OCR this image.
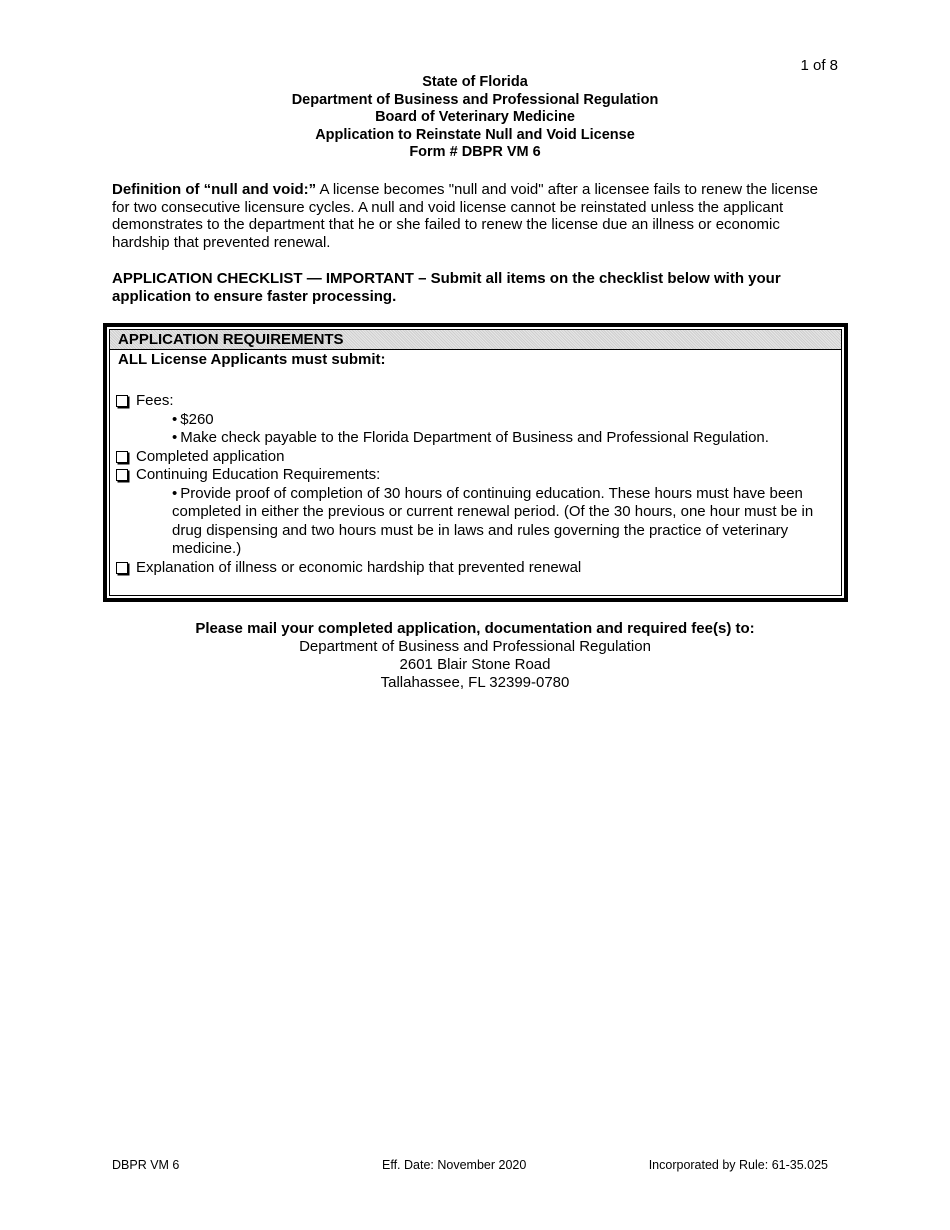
1 of 8
State of Florida
Department of Business and Professional Regulation
Board of Veterinary Medicine
Application to Reinstate Null and Void License
Form # DBPR VM 6
Definition of “null and void:” A license becomes "null and void" after a licensee fails to renew the license for two consecutive licensure cycles. A null and void license cannot be reinstated unless the applicant demonstrates to the department that he or she failed to renew the license due an illness or economic hardship that prevented renewal.
APPLICATION CHECKLIST — IMPORTANT – Submit all items on the checklist below with your application to ensure faster processing.
APPLICATION REQUIREMENTS
ALL License Applicants must submit:
Fees:
• $260
• Make check payable to the Florida Department of Business and Professional Regulation.
Completed application
Continuing Education Requirements:
• Provide proof of completion of 30 hours of continuing education. These hours must have been completed in either the previous or current renewal period. (Of the 30 hours, one hour must be in drug dispensing and two hours must be in laws and rules governing the practice of veterinary medicine.)
Explanation of illness or economic hardship that prevented renewal
Please mail your completed application, documentation and required fee(s) to:
Department of Business and Professional Regulation
2601 Blair Stone Road
Tallahassee, FL 32399-0780
DBPR VM 6	Eff. Date: November 2020	Incorporated by Rule: 61-35.025
